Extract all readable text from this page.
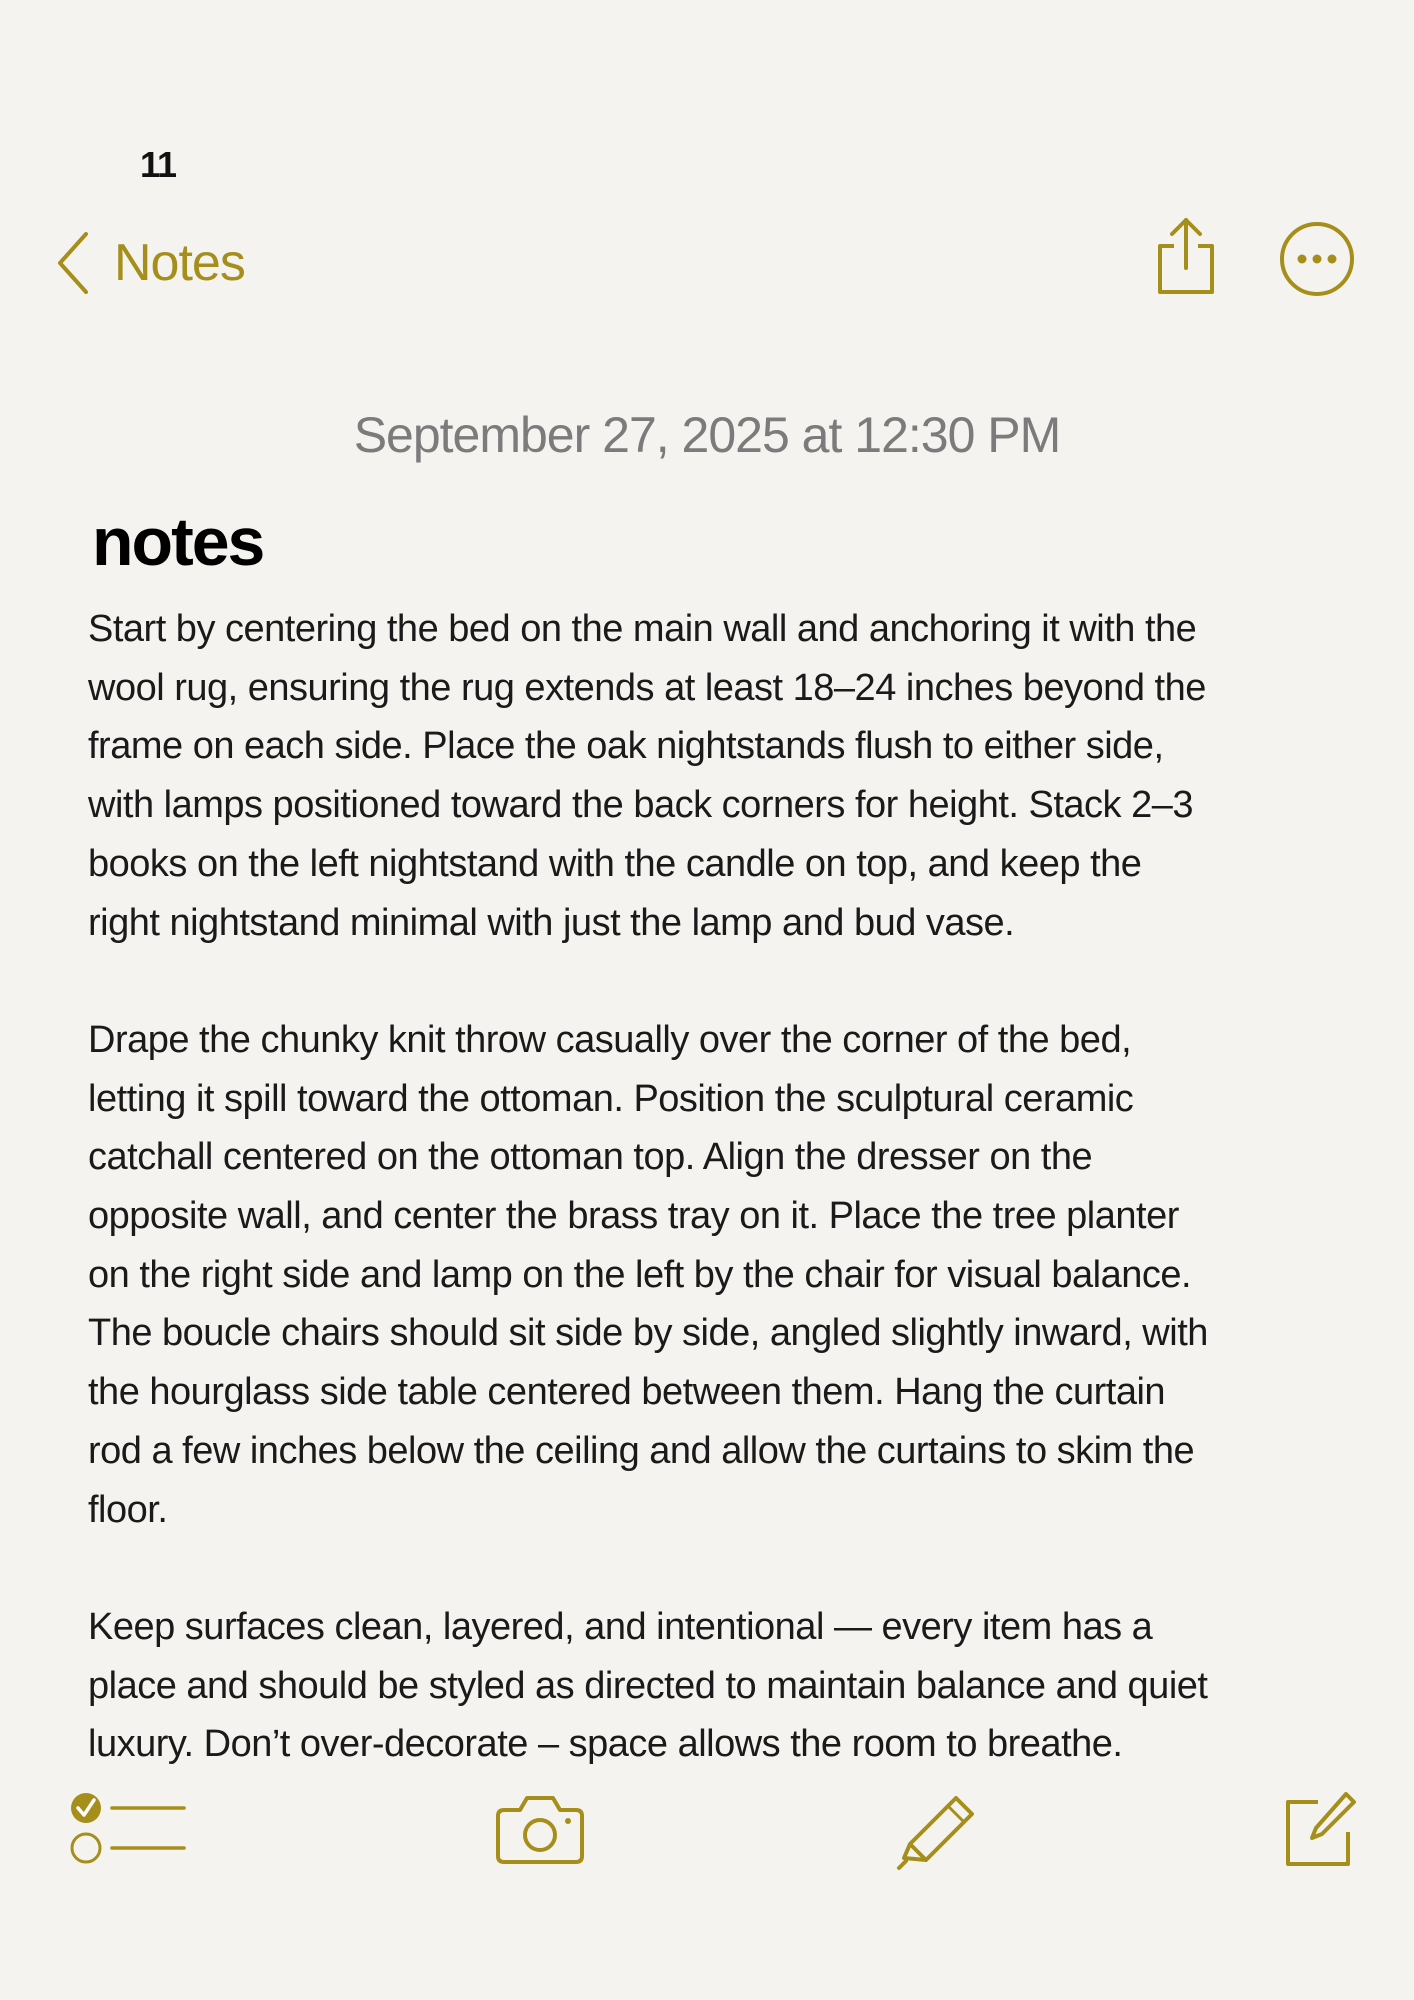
11
Notes
September 27, 2025 at 12:30 PM
notes

Start by centering the bed on the main wall and anchoring it with the
wool rug, ensuring the rug extends at least 18–24 inches beyond the
frame on each side. Place the oak nightstands flush to either side,
with lamps positioned toward the back corners for height. Stack 2–3
books on the left nightstand with the candle on top, and keep the
right nightstand minimal with just the lamp and bud vase.

Drape the chunky knit throw casually over the corner of the bed,
letting it spill toward the ottoman. Position the sculptural ceramic
catchall centered on the ottoman top. Align the dresser on the
opposite wall, and center the brass tray on it. Place the tree planter
on the right side and lamp on the left by the chair for visual balance.
The boucle chairs should sit side by side, angled slightly inward, with
the hourglass side table centered between them. Hang the curtain
rod a few inches below the ceiling and allow the curtains to skim the
floor.

Keep surfaces clean, layered, and intentional — every item has a
place and should be styled as directed to maintain balance and quiet
luxury. Don’t over-decorate – space allows the room to breathe.
